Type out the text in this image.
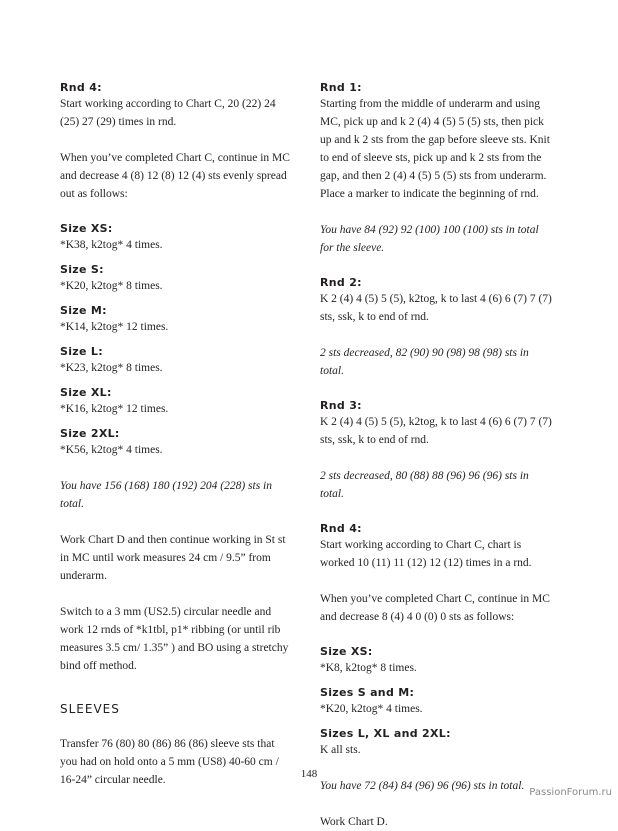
Rnd 4:

Start working according to Chart C, 20 (22) 24 (25) 27 (29) times in rnd.

When you’ve completed Chart C, continue in MC and decrease 4 (8) 12 (8) 12 (4) sts evenly spread out as follows:

Size XS:

*K38, k2tog* 4 times.

Size S:

*K20, k2tog* 8 times.

Size M:

*K14, k2tog* 12 times.

Size L:

*K23, k2tog* 8 times.

Size XL:

*K16, k2tog* 12 times.

Size 2XL:

*K56, k2tog* 4 times.

You have 156 (168) 180 (192) 204 (228) sts in total.

Work Chart D and then continue working in St st in MC until work measures 24 cm / 9.5” from underarm.

Switch to a 3 mm (US2.5) circular needle and work 12 rnds of *k1tbl, p1* ribbing (or until rib measures 3.5 cm/ 1.35” ) and BO using a stretchy bind off method.

SLEEVES

Transfer 76 (80) 80 (86) 86 (86) sleeve sts that you had on hold onto a 5 mm (US8) 40-60 cm / 16-24” circular needle.

Rnd 1:

Starting from the middle of underarm and using MC, pick up and k 2 (4) 4 (5) 5 (5) sts, then pick up and k 2 sts from the gap before sleeve sts. Knit to end of sleeve sts, pick up and k 2 sts from the gap, and then 2 (4) 4 (5) 5 (5) sts from underarm. Place a marker to indicate the beginning of rnd.

You have 84 (92) 92 (100) 100 (100) sts in total for the sleeve.

Rnd 2:

K 2 (4) 4 (5) 5 (5), k2tog, k to last 4 (6) 6 (7) 7 (7) sts, ssk, k to end of rnd.

2 sts decreased, 82 (90) 90 (98) 98 (98) sts in total.

Rnd 3:

K 2 (4) 4 (5) 5 (5), k2tog, k to last 4 (6) 6 (7) 7 (7) sts, ssk, k to end of rnd.

2 sts decreased, 80 (88) 88 (96) 96 (96) sts in total.

Rnd 4:

Start working according to Chart C, chart is worked 10 (11) 11 (12) 12 (12) times in a rnd.

When you’ve completed Chart C, continue in MC and decrease 8 (4) 4 0 (0) 0 sts as follows:

Size XS:

*K8, k2tog* 8 times.

Sizes S and M:

*K20, k2tog* 4 times.

Sizes L, XL and 2XL:

K all sts.

You have 72 (84) 84 (96) 96 (96) sts in total.

Work Chart D.

148
PassionForum.ru
